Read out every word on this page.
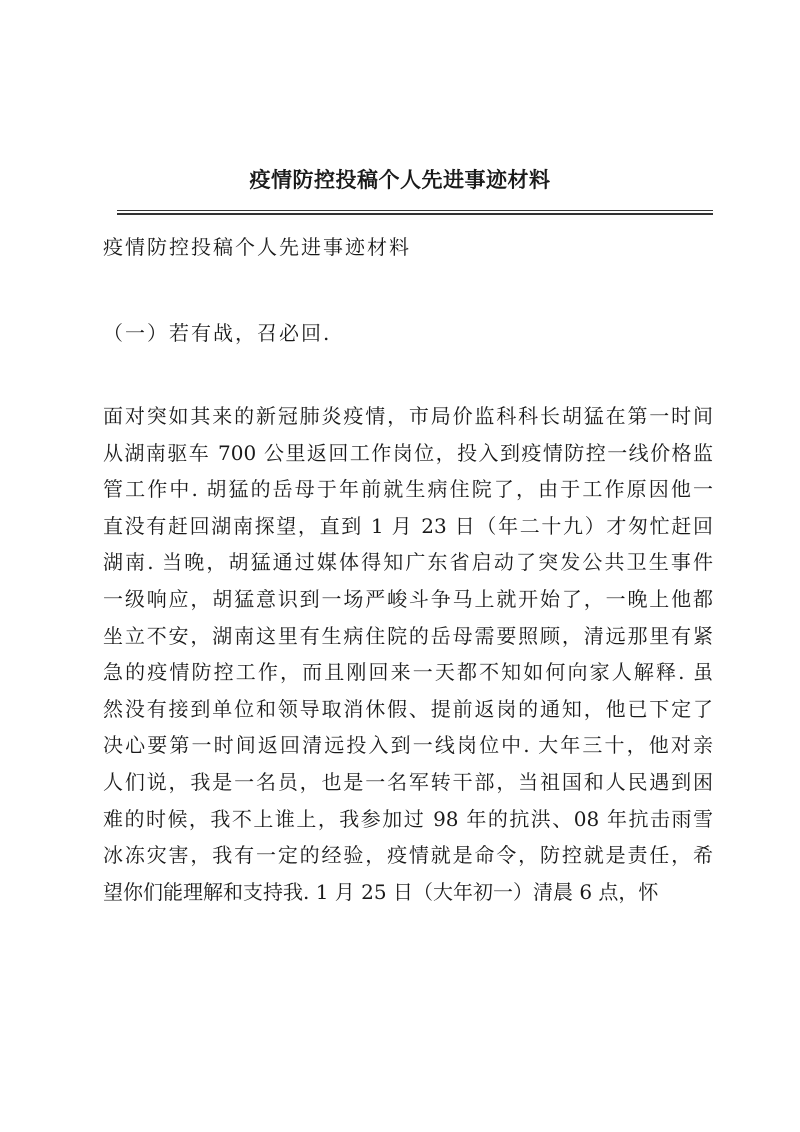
疫情防控投稿个人先进事迹材料
疫情防控投稿个人先进事迹材料
（一）若有战，召必回.
面对突如其来的新冠肺炎疫情，市局价监科科长胡猛在第一时间
从湖南驱车 700 公里返回工作岗位，投入到疫情防控一线价格监
管工作中. 胡猛的岳母于年前就生病住院了，由于工作原因他一
直没有赶回湖南探望，直到 1 月 23 日（年二十九）才匆忙赶回
湖南. 当晚，胡猛通过媒体得知广东省启动了突发公共卫生事件
一级响应，胡猛意识到一场严峻斗争马上就开始了，一晚上他都
坐立不安，湖南这里有生病住院的岳母需要照顾，清远那里有紧
急的疫情防控工作，而且刚回来一天都不知如何向家人解释. 虽
然没有接到单位和领导取消休假、提前返岗的通知，他已下定了
决心要第一时间返回清远投入到一线岗位中. 大年三十，他对亲
人们说，我是一名员，也是一名军转干部，当祖国和人民遇到困
难的时候，我不上谁上，我参加过 98 年的抗洪、08 年抗击雨雪
冰冻灾害，我有一定的经验，疫情就是命令，防控就是责任，希
望你们能理解和支持我. 1 月 25 日（大年初一）清晨 6 点，怀
